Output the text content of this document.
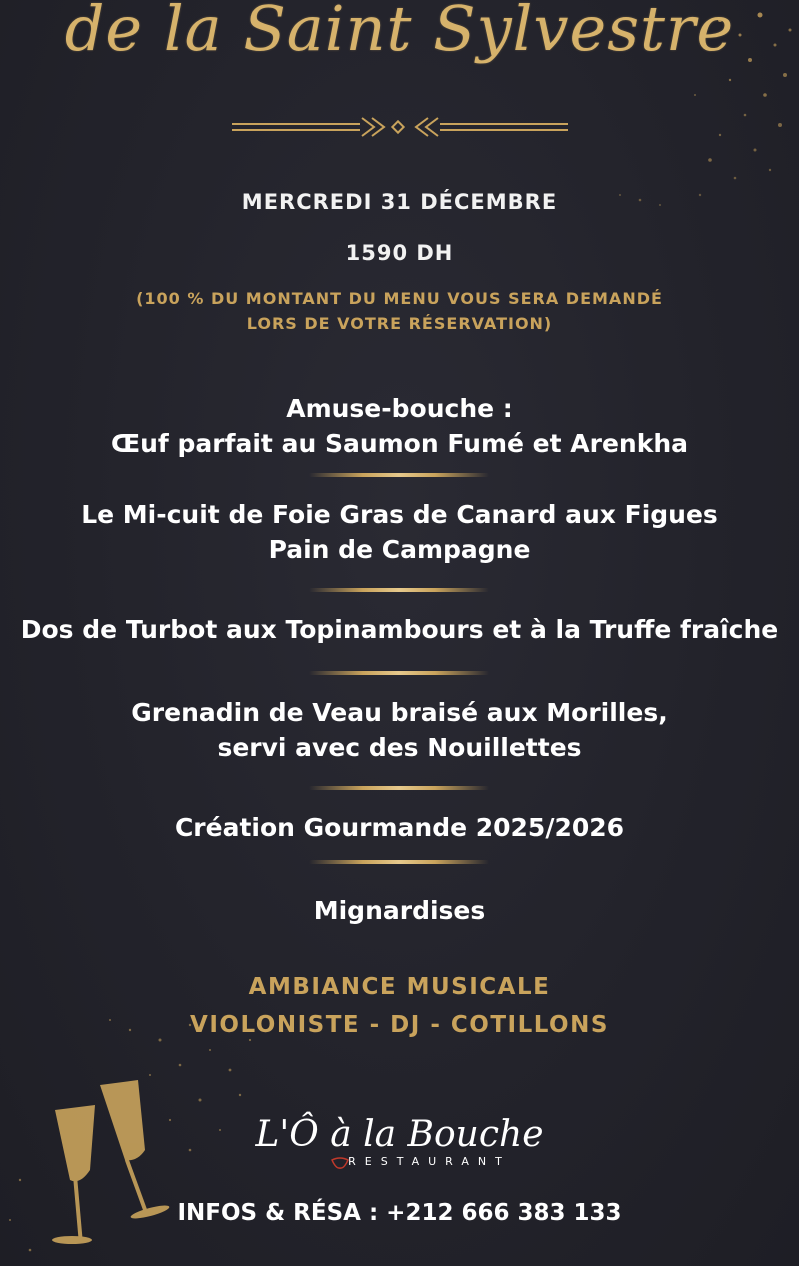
de la Saint Sylvestre
MERCREDI 31 DÉCEMBRE
1590 DH
(100 % DU MONTANT DU MENU VOUS SERA DEMANDÉ
LORS DE VOTRE RÉSERVATION)
Amuse-bouche :
Œuf parfait au Saumon Fumé et Arenkha
Le Mi-cuit de Foie Gras de Canard aux Figues
Pain de Campagne
Dos de Turbot aux Topinambours et à la Truffe fraîche
Grenadin de Veau braisé aux Morilles,
servi avec des Nouillettes
Création Gourmande 2025/2026
Mignardises
AMBIANCE MUSICALE
VIOLONISTE - DJ - COTILLONS
L'Ô à la Bouche
RESTAURANT
INFOS & RÉSA : +212 666 383 133
